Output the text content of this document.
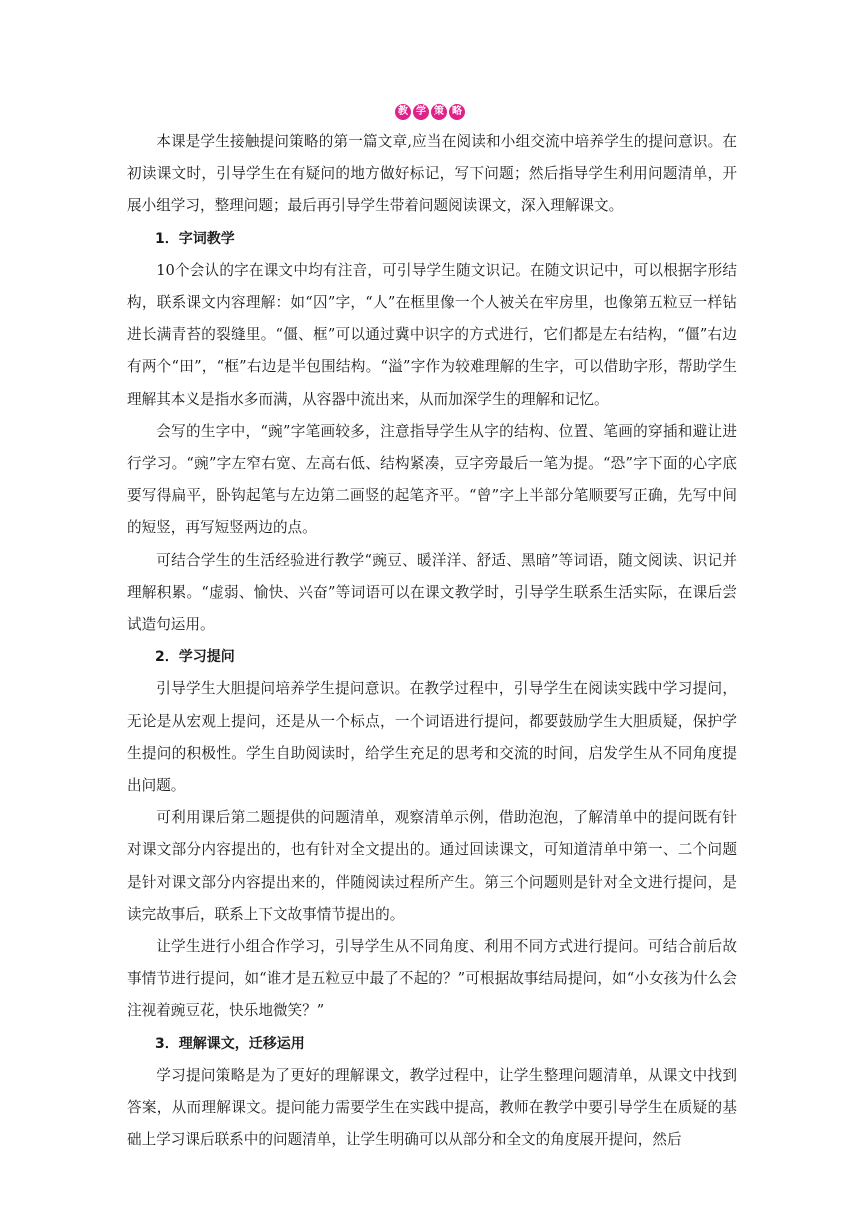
教 学 策 略

本课是学生接触提问策略的第一篇文章,应当在阅读和小组交流中培养学生的提问意识。在初读课文时，引导学生在有疑问的地方做好标记，写下问题；然后指导学生利用问题清单，开展小组学习，整理问题；最后再引导学生带着问题阅读课文，深入理解课文。

1．字词教学

10个会认的字在课文中均有注音，可引导学生随文识记。在随文识记中，可以根据字形结构，联系课文内容理解：如“囚”字，“人”在框里像一个人被关在牢房里，也像第五粒豆一样钻进长满青苔的裂缝里。“僵、框”可以通过冀中识字的方式进行，它们都是左右结构，“僵”右边有两个“田”，“框”右边是半包围结构。“溢”字作为较难理解的生字，可以借助字形，帮助学生理解其本义是指水多而满，从容器中流出来，从而加深学生的理解和记忆。

会写的生字中，“豌”字笔画较多，注意指导学生从字的结构、位置、笔画的穿插和避让进行学习。“豌”字左窄右宽、左高右低、结构紧凑，豆字旁最后一笔为提。“恐”字下面的心字底要写得扁平，卧钩起笔与左边第二画竖的起笔齐平。“曾”字上半部分笔顺要写正确，先写中间的短竖，再写短竖两边的点。

可结合学生的生活经验进行教学“豌豆、暖洋洋、舒适、黑暗”等词语，随文阅读、识记并理解积累。“虚弱、愉快、兴奋”等词语可以在课文教学时，引导学生联系生活实际，在课后尝试造句运用。

2．学习提问

引导学生大胆提问培养学生提问意识。在教学过程中，引导学生在阅读实践中学习提问，无论是从宏观上提问，还是从一个标点，一个词语进行提问，都要鼓励学生大胆质疑，保护学生提问的积极性。学生自助阅读时，给学生充足的思考和交流的时间，启发学生从不同角度提出问题。

可利用课后第二题提供的问题清单，观察清单示例，借助泡泡，了解清单中的提问既有针对课文部分内容提出的，也有针对全文提出的。通过回读课文，可知道清单中第一、二个问题是针对课文部分内容提出来的，伴随阅读过程所产生。第三个问题则是针对全文进行提问，是读完故事后，联系上下文故事情节提出的。

让学生进行小组合作学习，引导学生从不同角度、利用不同方式进行提问。可结合前后故事情节进行提问，如“谁才是五粒豆中最了不起的？”可根据故事结局提问，如“小女孩为什么会注视着豌豆花，快乐地微笑？”

3．理解课文，迁移运用

学习提问策略是为了更好的理解课文，教学过程中，让学生整理问题清单，从课文中找到答案，从而理解课文。提问能力需要学生在实践中提高，教师在教学中要引导学生在质疑的基础上学习课后联系中的问题清单，让学生明确可以从部分和全文的角度展开提问，然后
